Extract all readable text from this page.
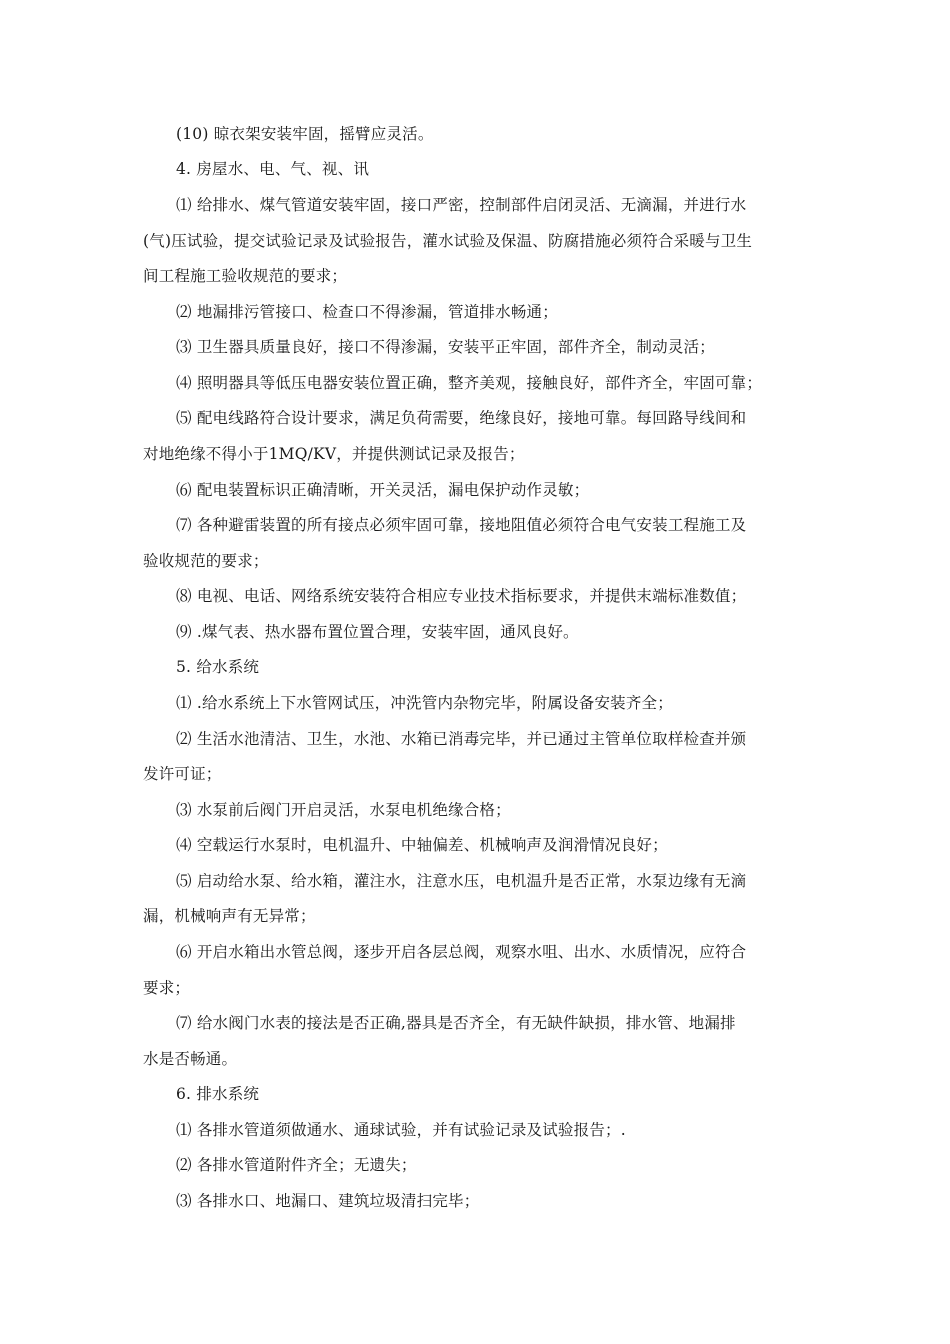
(10) 晾衣架安装牢固，摇臂应灵活。
4. 房屋水、电、气、视、讯
⑴ 给排水、煤气管道安装牢固，接口严密，控制部件启闭灵活、无滴漏，并进行水
(气)压试验，提交试验记录及试验报告，灌水试验及保温、防腐措施必须符合采暖与卫生
间工程施工验收规范的要求；
⑵ 地漏排污管接口、检查口不得渗漏，管道排水畅通；
⑶ 卫生器具质量良好，接口不得渗漏，安装平正牢固，部件齐全，制动灵活；
⑷ 照明器具等低压电器安装位置正确，整齐美观，接触良好，部件齐全，牢固可靠；
⑸ 配电线路符合设计要求，满足负荷需要，绝缘良好，接地可靠。每回路导线间和
对地绝缘不得小于1MQ/KV，并提供测试记录及报告；
⑹ 配电装置标识正确清晰，开关灵活，漏电保护动作灵敏；
⑺ 各种避雷装置的所有接点必须牢固可靠，接地阻值必须符合电气安装工程施工及
验收规范的要求；
⑻ 电视、电话、网络系统安装符合相应专业技术指标要求，并提供末端标准数值；
⑼ .煤气表、热水器布置位置合理，安装牢固，通风良好。
5. 给水系统
⑴ .给水系统上下水管网试压，冲洗管内杂物完毕，附属设备安装齐全；
⑵ 生活水池清洁、卫生，水池、水箱已消毒完毕，并已通过主管单位取样检查并颁
发许可证；
⑶ 水泵前后阀门开启灵活，水泵电机绝缘合格；
⑷ 空载运行水泵时，电机温升、中轴偏差、机械响声及润滑情况良好；
⑸ 启动给水泵、给水箱，灌注水，注意水压，电机温升是否正常，水泵边缘有无滴
漏，机械响声有无异常；
⑹ 开启水箱出水管总阀，逐步开启各层总阀，观察水咀、出水、水质情况，应符合
要求；
⑺ 给水阀门水表的接法是否正确,器具是否齐全，有无缺件缺损，排水管、地漏排
水是否畅通。
6. 排水系统
⑴ 各排水管道须做通水、通球试验，并有试验记录及试验报告；.
⑵ 各排水管道附件齐全；无遗失；
⑶ 各排水口、地漏口、建筑垃圾清扫完毕；
